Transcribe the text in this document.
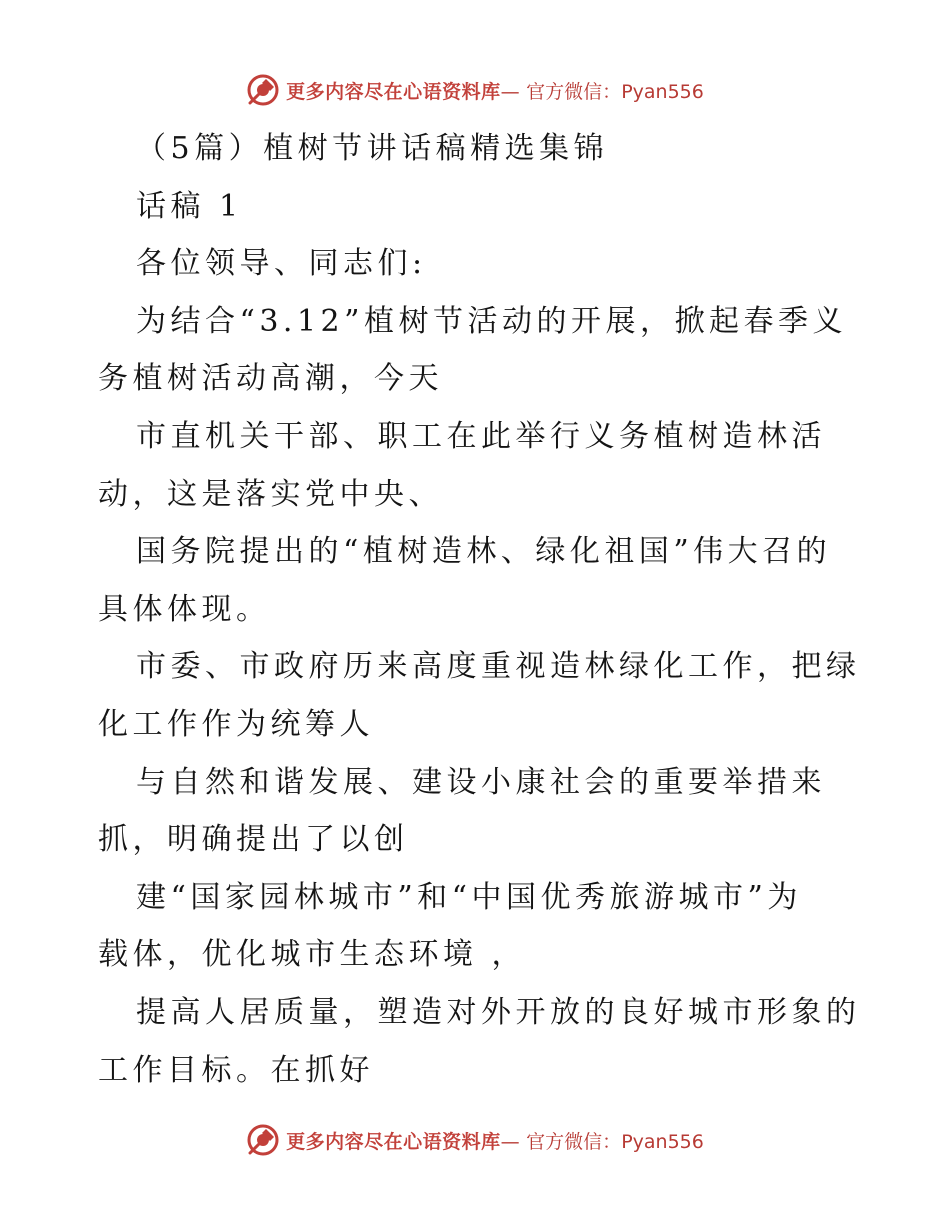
更多内容尽在心语资料库— 官方微信：Pyan556
（5篇）植树节讲话稿精选集锦
话稿 1
各位领导、同志们:
为结合“3.12”植树节活动的开展，掀起春季义
务植树活动高潮，今天
市直机关干部、职工在此举行义务植树造林活
动，这是落实党中央、
国务院提出的“植树造林、绿化祖国”伟大召的
具体体现。
市委、市政府历来高度重视造林绿化工作，把绿
化工作作为统筹人
与自然和谐发展、建设小康社会的重要举措来
抓，明确提出了以创
建“国家园林城市”和“中国优秀旅游城市”为
载体，优化城市生态环境 ，
提高人居质量，塑造对外开放的良好城市形象的
工作目标。在抓好
更多内容尽在心语资料库— 官方微信：Pyan556
